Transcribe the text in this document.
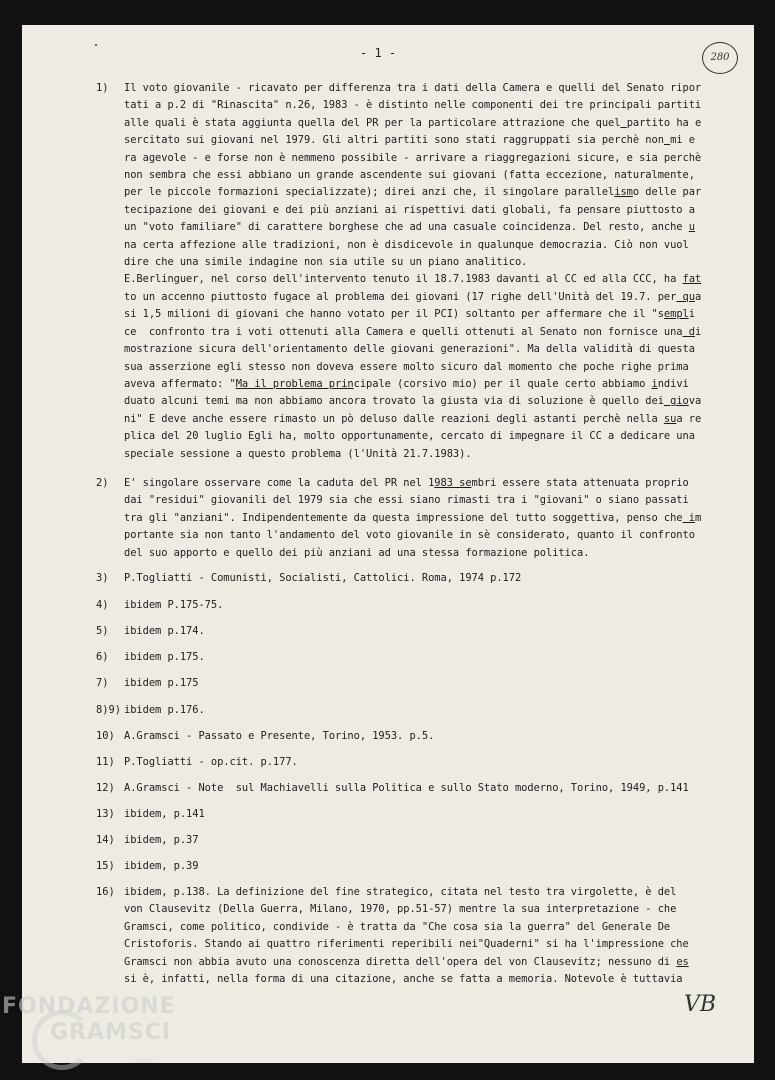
- 1 -	280
1)	Il voto giovanile - ricavato per differenza tra i dati della Camera e quelli del Senato ripor
tati a p.2 di "Rinascita" n.26, 1983 - è distinto nelle componenti dei tre principali partiti
alle quali è stata aggiunta quella del PR per la particolare attrazione che quel partito ha e
sercitato sui giovani nel 1979. Gli altri partiti sono stati raggruppati sia perchè non mi e
ra agevole - e forse non è nemmeno possibile - arrivare a riaggregazioni sicure, e sia perchè
non sembra che essi abbiano un grande ascendente sui giovani (fatta eccezione, naturalmente,
per le piccole formazioni specializzate); direi anzi che, il singolare parallelismo delle par
tecipazione dei giovani e dei più anziani ai rispettivi dati globali, fa pensare piuttosto a
un "voto familiare" di carattere borghese che ad una casuale coincidenza. Del resto, anche u
na certa affezione alle tradizioni, non è disdicevole in qualunque democrazia. Ciò non vuol
dire che una simile indagine non sia utile su un piano analitico.
E.Berlinguer, nel corso dell'intervento tenuto il 18.7.1983 davanti al CC ed alla CCC, ha fat
to un accenno piuttosto fugace al problema dei giovani (17 righe dell'Unità del 19.7. per qua
si 1,5 milioni di giovani che hanno votato per il PCI) soltanto per affermare che il "sempli
ce  confronto tra i voti ottenuti alla Camera e quelli ottenuti al Senato non fornisce una di
mostrazione sicura dell'orientamento delle giovani generazioni". Ma della validità di questa
sua asserzione egli stesso non doveva essere molto sicuro dal momento che poche righe prima
aveva affermato: "Ma il problema principale (corsivo mio) per il quale certo abbiamo indivi
duato alcuni temi ma non abbiamo ancora trovato la giusta via di soluzione è quello dei giova
ni" E deve anche essere rimasto un pò deluso dalle reazioni degli astanti perchè nella sua re
plica del 20 luglio Egli ha, molto opportunamente, cercato di impegnare il CC a dedicare una
speciale sessione a questo problema (l'Unità 21.7.1983).
2)	E' singolare osservare come la caduta del PR nel 1983 sembri essere stata attenuata proprio
dai "residui" giovanili del 1979 sia che essi siano rimasti tra i "giovani" o siano passati
tra gli "anziani". Indipendentemente da questa impressione del tutto soggettiva, penso che im
portante sia non tanto l'andamento del voto giovanile in sè considerato, quanto il confronto
del suo apporto e quello dei più anziani ad una stessa formazione politica.
3)	P.Togliatti - Comunisti, Socialisti, Cattolici. Roma, 1974 p.172
4)	ibidem P.175-75.
5)	ibidem p.174.
6)	ibidem p.175.
7)	ibidem p.175
8)9) ibidem p.176.
10) A.Gramsci - Passato e Presente, Torino, 1953. p.5.
11) P.Togliatti - op.cit. p.177.
12) A.Gramsci - Note  sul Machiavelli sulla Politica e sullo Stato moderno, Torino, 1949, p.141
13) ibidem, p.141
14) ibidem, p.37
15) ibidem, p.39
16) ibidem, p.138. La definizione del fine strategico, citata nel testo tra virgolette, è del
von Clausevitz (Della Guerra, Milano, 1970, pp.51-57) mentre la sua interpretazione - che
Gramsci, come politico, condivide - è tratta da "Che cosa sia la guerra" del Generale De
Cristoforis. Stando ai quattro riferimenti reperibili nei"Quaderni" si ha l'impressione che
Gramsci non abbia avuto una conoscenza diretta dell'opera del von Clausevitz; nessuno di es
si è, infatti, nella forma di una citazione, anche se fatta a memoria. Notevole è tuttavia
VB
FONDAZIONE
GRAMSCI
onlus
